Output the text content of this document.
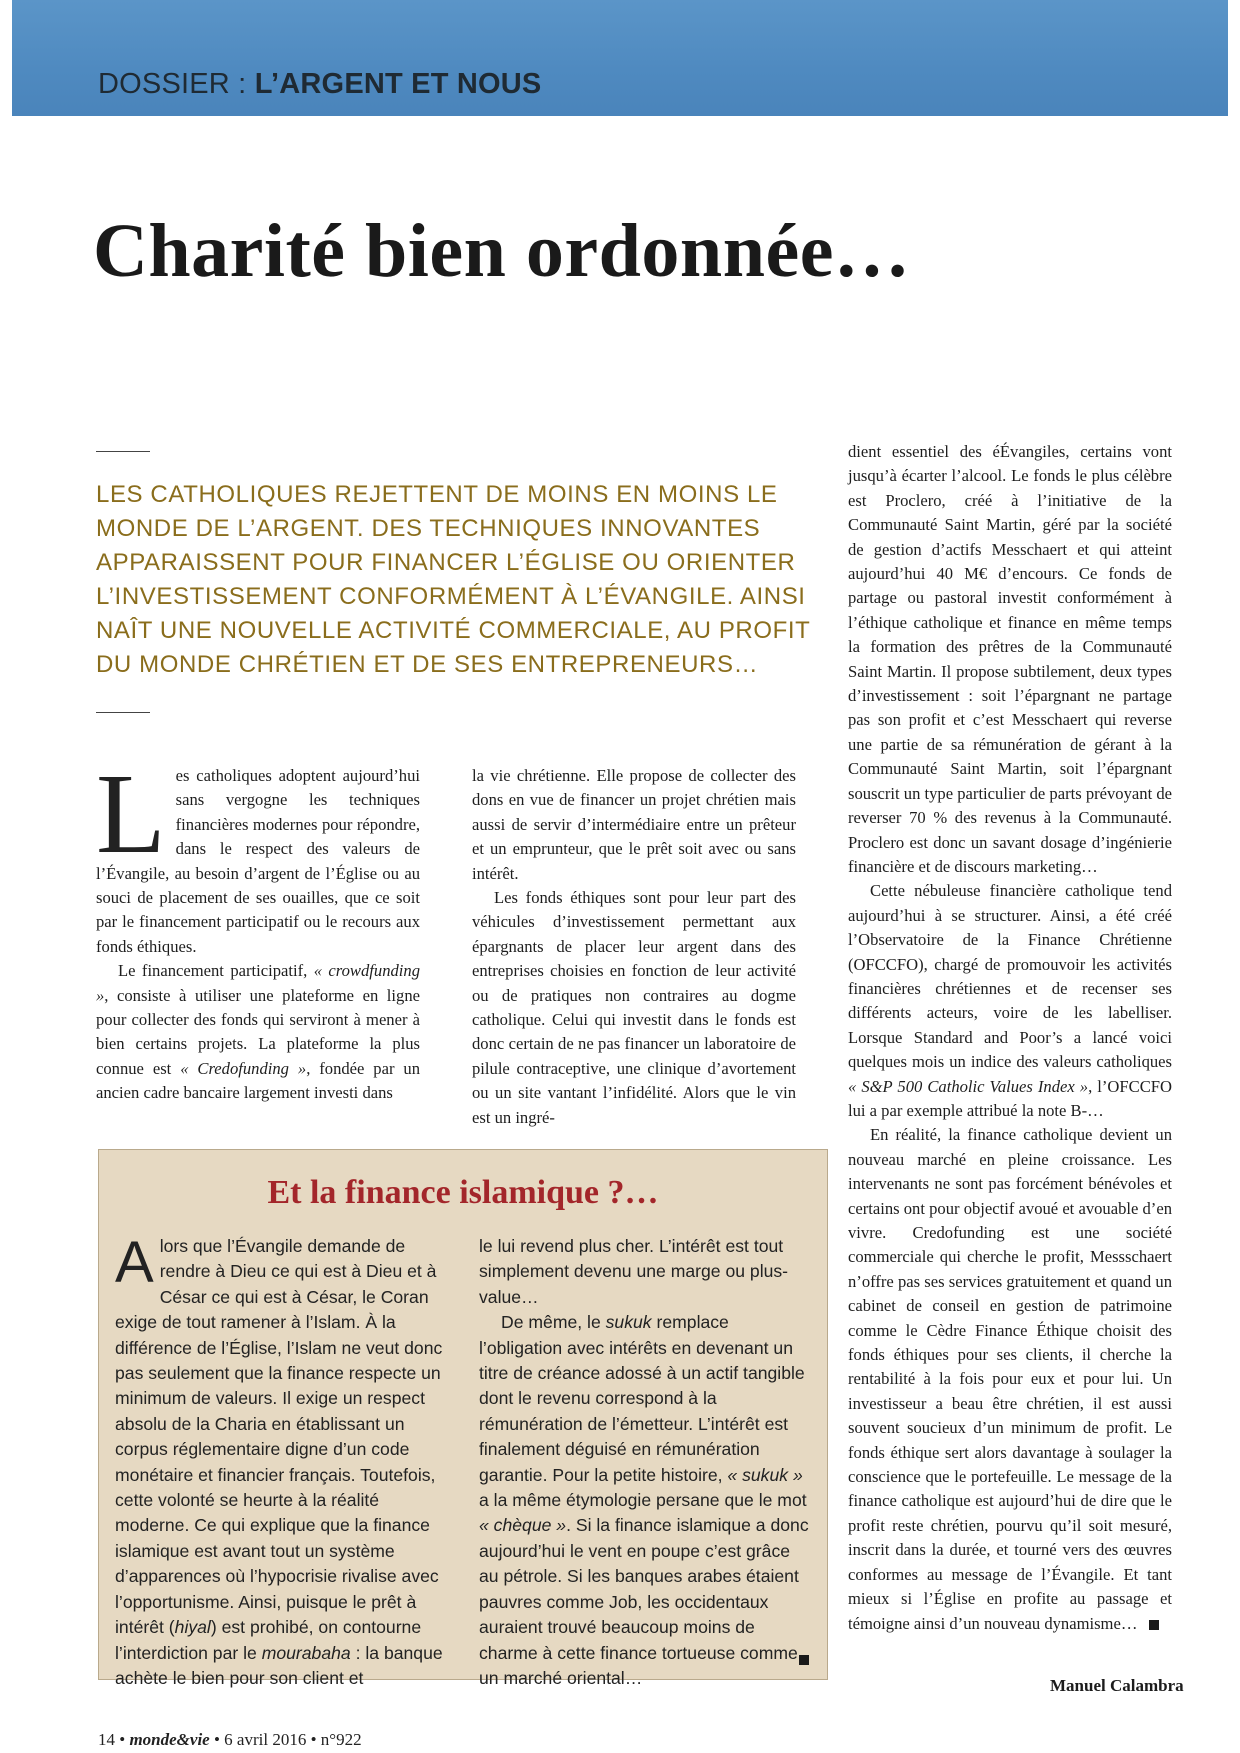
DOSSIER : L’ARGENT ET NOUS
Charité bien ordonnée…
LES CATHOLIQUES REJETTENT DE MOINS EN MOINS LE MONDE DE L’ARGENT. DES TECHNIQUES INNOVANTES APPARAISSENT POUR FINANCER L’ÉGLISE OU ORIENTER L’INVESTISSEMENT CONFORMÉMENT À L’ÉVANGILE. AINSI NAÎT UNE NOUVELLE ACTIVITÉ COMMERCIALE, AU PROFIT DU MONDE CHRÉTIEN ET DE SES ENTREPRENEURS…

Les catholiques adoptent aujourd’hui sans vergogne les techniques financières modernes pour répondre, dans le respect des valeurs de l’Évangile, au besoin d’argent de l’Église ou au souci de placement de ses ouailles, que ce soit par le financement participatif ou le recours aux fonds éthiques.

Le financement participatif, « crowdfunding », consiste à utiliser une plateforme en ligne pour collecter des fonds qui serviront à mener à bien certains projets. La plateforme la plus connue est « Credofunding », fondée par un ancien cadre bancaire largement investi dans

la vie chrétienne. Elle propose de collecter des dons en vue de financer un projet chrétien mais aussi de servir d’intermédiaire entre un prêteur et un emprunteur, que le prêt soit avec ou sans intérêt.

Les fonds éthiques sont pour leur part des véhicules d’investissement permettant aux épargnants de placer leur argent dans des entreprises choisies en fonction de leur activité ou de pratiques non contraires au dogme catholique. Celui qui investit dans le fonds est donc certain de ne pas financer un laboratoire de pilule contraceptive, une clinique d’avortement ou un site vantant l’infidélité. Alors que le vin est un ingré-

dient essentiel des éÉvangiles, certains vont jusqu’à écarter l’alcool. Le fonds le plus célèbre est Proclero, créé à l’initiative de la Communauté Saint Martin, géré par la société de gestion d’actifs Messchaert et qui atteint aujourd’hui 40 M€ d’encours. Ce fonds de partage ou pastoral investit conformément à l’éthique catholique et finance en même temps la formation des prêtres de la Communauté Saint Martin. Il propose subtilement, deux types d’investissement : soit l’épargnant ne partage pas son profit et c’est Messchaert qui reverse une partie de sa rémunération de gérant à la Communauté Saint Martin, soit l’épargnant souscrit un type particulier de parts prévoyant de reverser 70 % des revenus à la Communauté. Proclero est donc un savant dosage d’ingénierie financière et de discours marketing…

Cette nébuleuse financière catholique tend aujourd’hui à se structurer. Ainsi, a été créé l’Observatoire de la Finance Chrétienne (OFCCFO), chargé de promouvoir les activités financières chrétiennes et de recenser ses différents acteurs, voire de les labelliser. Lorsque Standard and Poor’s a lancé voici quelques mois un indice des valeurs catholiques « S&P 500 Catholic Values Index », l’OFCCFO lui a par exemple attribué la note B-…

En réalité, la finance catholique devient un nouveau marché en pleine croissance. Les intervenants ne sont pas forcément bénévoles et certains ont pour objectif avoué et avouable d’en vivre. Credofunding est une société commerciale qui cherche le profit, Messschaert n’offre pas ses services gratuitement et quand un cabinet de conseil en gestion de patrimoine comme le Cèdre Finance Éthique choisit des fonds éthiques pour ses clients, il cherche la rentabilité à la fois pour eux et pour lui. Un investisseur a beau être chrétien, il est aussi souvent soucieux d’un minimum de profit. Le fonds éthique sert alors davantage à soulager la conscience que le portefeuille. Le message de la finance catholique est aujourd’hui de dire que le profit reste chrétien, pourvu qu’il soit mesuré, inscrit dans la durée, et tourné vers des œuvres conformes au message de l’Évangile. Et tant mieux si l’Église en profite au passage et témoigne ainsi d’un nouveau dynamisme…

Et la finance islamique ?…

Alors que l’Évangile demande de rendre à Dieu ce qui est à Dieu et à César ce qui est à César, le Coran exige de tout ramener à l’Islam. À la différence de l’Église, l’Islam ne veut donc pas seulement que la finance respecte un minimum de valeurs. Il exige un respect absolu de la Charia en établissant un corpus réglementaire digne d’un code monétaire et financier français. Toutefois, cette volonté se heurte à la réalité moderne. Ce qui explique que la finance islamique est avant tout un système d’apparences où l’hypocrisie rivalise avec l’opportunisme. Ainsi, puisque le prêt à intérêt (hiyal) est prohibé, on contourne l’interdiction par le mourabaha : la banque achète le bien pour son client et

le lui revend plus cher. L’intérêt est tout simplement devenu une marge ou plus-value…

De même, le sukuk remplace l’obligation avec intérêts en devenant un titre de créance adossé à un actif tangible dont le revenu correspond à la rémunération de l’émetteur. L’intérêt est finalement déguisé en rémunération garantie. Pour la petite histoire, « sukuk » a la même étymologie persane que le mot « chèque ». Si la finance islamique a donc aujourd’hui le vent en poupe c’est grâce au pétrole. Si les banques arabes étaient pauvres comme Job, les occidentaux auraient trouvé beaucoup moins de charme à cette finance tortueuse comme un marché oriental…	Manuel Calambra
14 • monde&vie • 6 avril 2016 • n°922
